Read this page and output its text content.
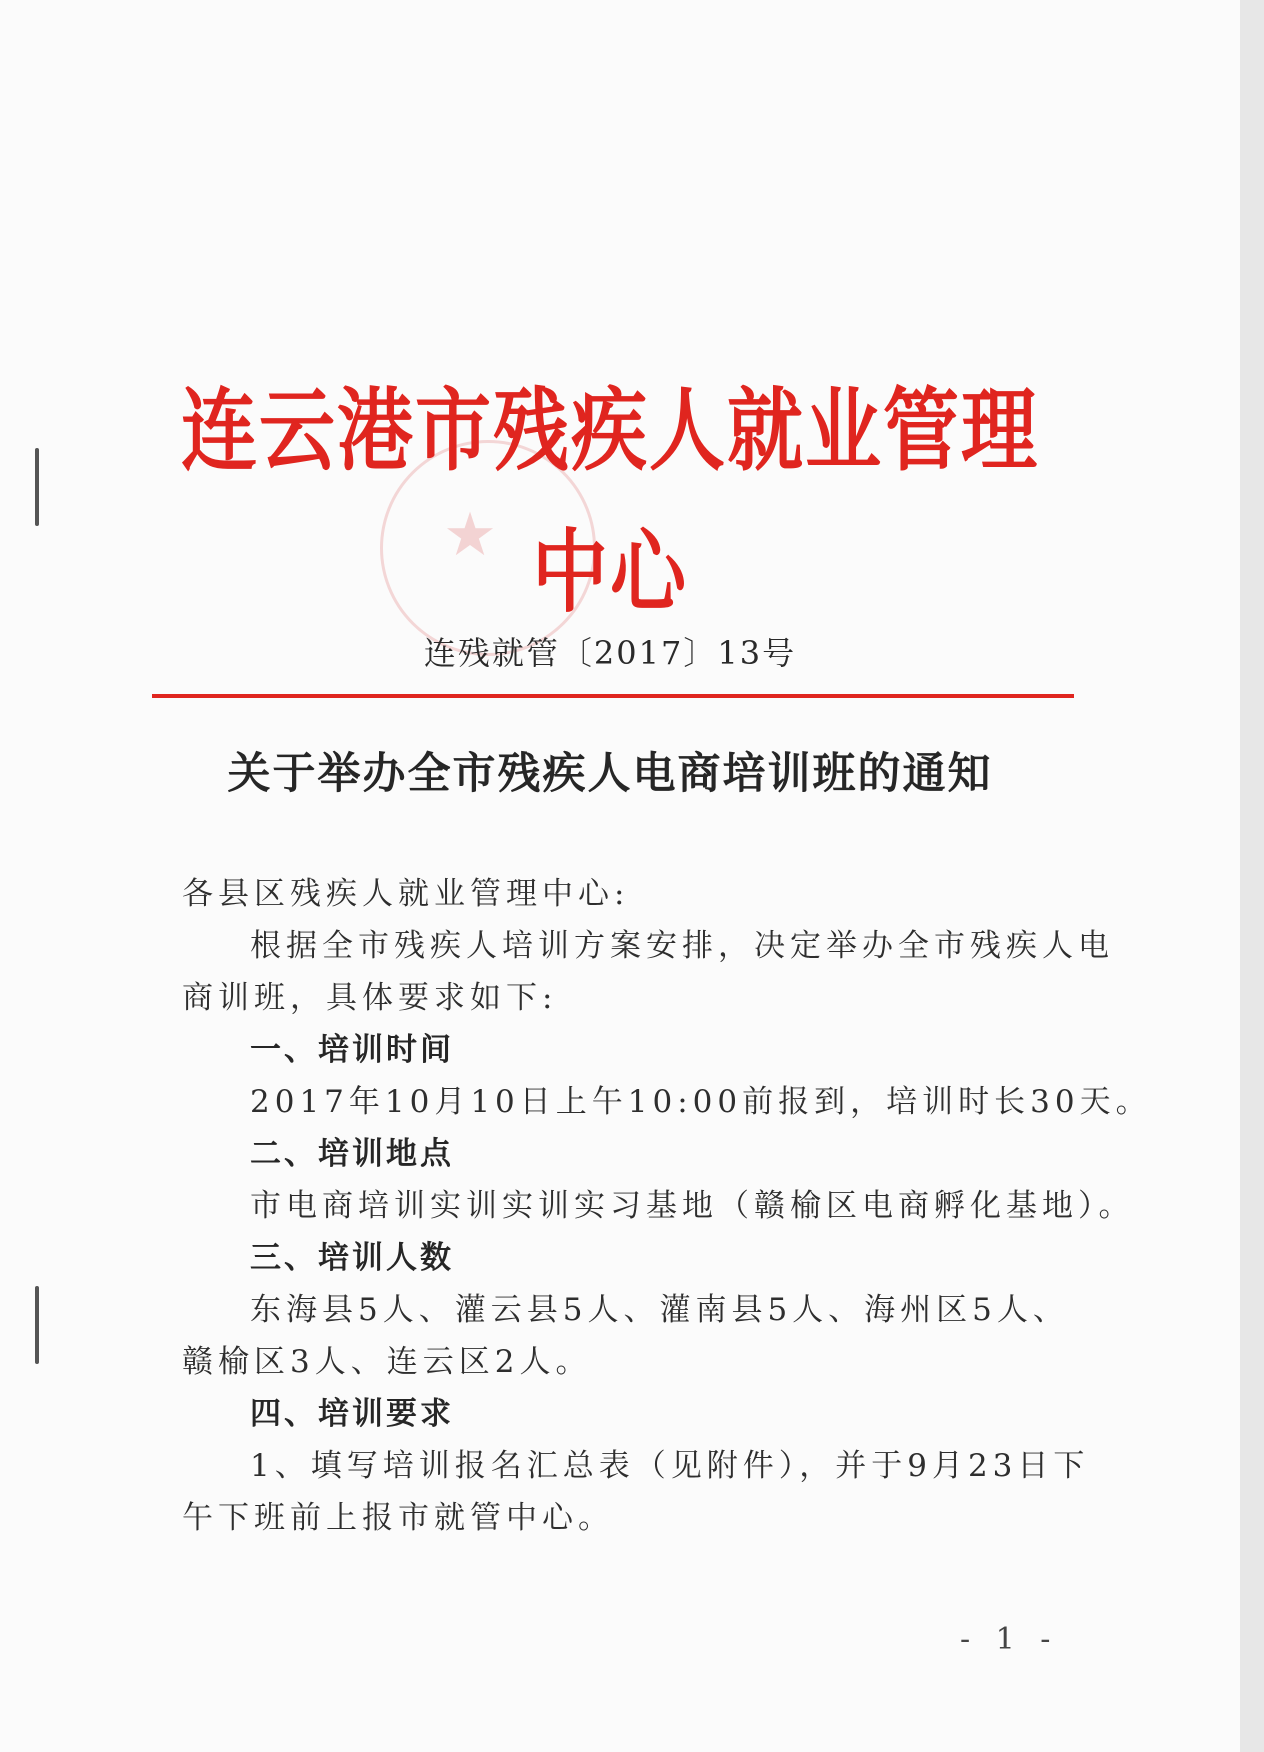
★
连云港市残疾人就业管理中心
连残就管〔2017〕13号
关于举办全市残疾人电商培训班的通知
各县区残疾人就业管理中心:
根据全市残疾人培训方案安排，决定举办全市残疾人电
商训班，具体要求如下:
一、培训时间
2017年10月10日上午10:00前报到，培训时长30天。
二、培训地点
市电商培训实训实训实习基地（赣榆区电商孵化基地）。
三、培训人数
东海县5人、灌云县5人、灌南县5人、海州区5人、
赣榆区3人、连云区2人。
四、培训要求
1、填写培训报名汇总表（见附件），并于9月23日下
午下班前上报市就管中心。
- 1 -
